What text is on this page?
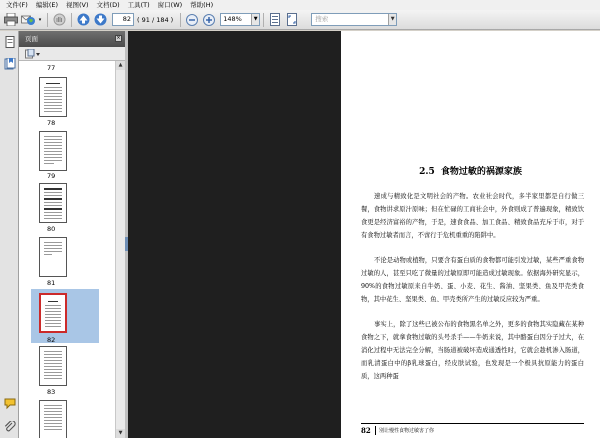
文件(F)	编辑(E)	视图(V)	文档(D)	工具(T)	窗口(W)	帮助(H)
▾	82 ( 91 / 184 )	148%	▼	搜索	▼
页面	×
77
78
79
80
81
82
83
▲
▼
2.5 食物过敏的祸源家族

速成与精致化是文明社会的产物。农业社会时代，多半家里都是自行做三餐，食物讲求原汁原味；但在忙碌的工商社会中，外食则成了普遍现象，精致饮食更是经济富裕的产物，于是，速食食品、加工食品、精致食品充斥于市，对于有食物过敏者而言，不啻行于危机重重的陷阱中。

不论是动物或植物，只要含有蛋白质的食物都可能引发过敏，某些严重食物过敏的人，甚至只吃了微量的过敏原即可能造成过敏现象。依据海外研究显示，90%的食物过敏原来自牛奶、蛋、小麦、花生、酱油、坚果类、鱼及甲壳类食物，其中花生、坚果类、鱼、甲壳类所产生的过敏反应较为严重。

事实上，除了这些已被公布的食物黑名单之外，更多的食物其实隐藏在某种食物之下，就拿食物过敏的头号杀手——牛奶来说，其中酪蛋白因分子过大，在消化过程中无法完全分解，当肠道被破坏造成通透性时，它就会趁机渗入肠道，而乳清蛋白中的β乳球蛋白，经皮肤试验，也发现是一个极具抗原能力的蛋白质，这两种蛋

82 別让慢性食物过敏害了你
